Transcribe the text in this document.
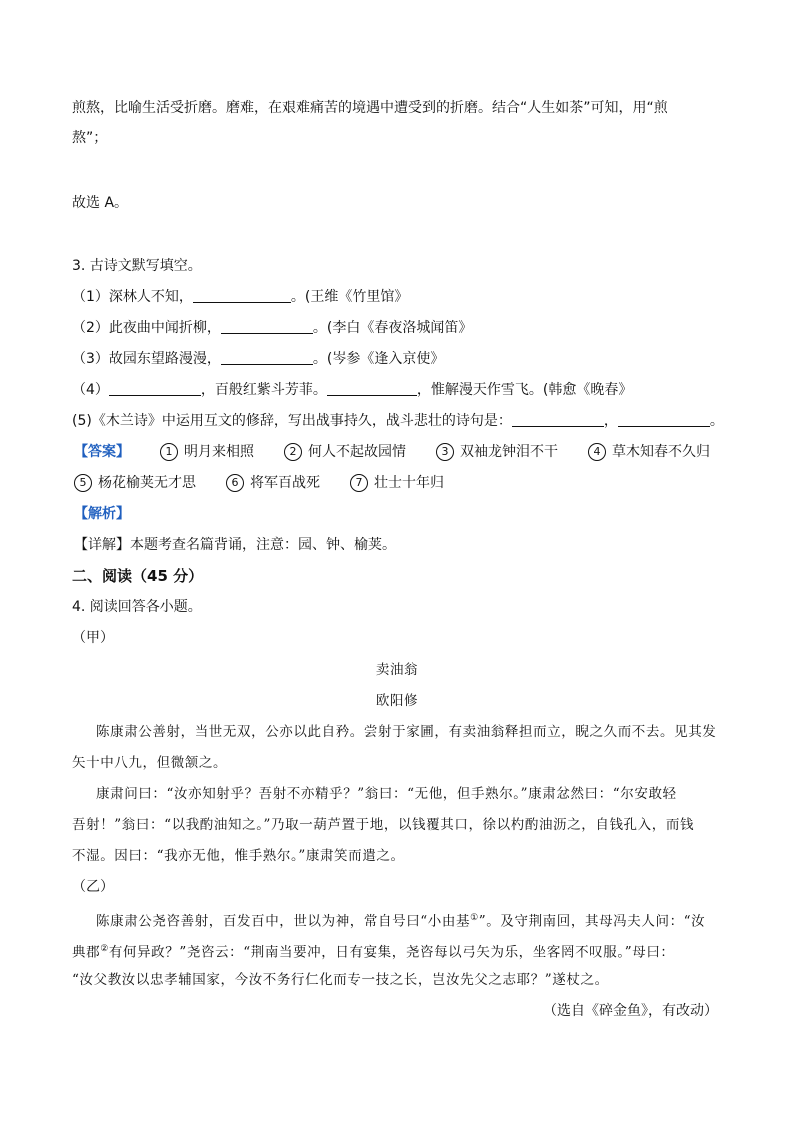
煎熬，比喻生活受折磨。磨难，在艰难痛苦的境遇中遭受到的折磨。结合“人生如茶”可知，用“煎
熬”；
故选 A。
3. 古诗文默写填空。
（1）深林人不知，	。(王维《竹里馆》
（2）此夜曲中闻折柳，	。(李白《春夜洛城闻笛》
（3）故园东望路漫漫，	。(岑参《逢入京使》
（4）	，百般红紫斗芳菲。	，惟解漫天作雪飞。(韩愈《晚春》
(5)《木兰诗》中运用互文的修辞，写出战事持久，战斗悲壮的诗句是：	，	。
【答案】	1 明月来相照	2 何人不起故园情	3 双袖龙钟泪不干	4 草木知春不久归
5 杨花榆荚无才思	6 将军百战死	7 壮士十年归
【解析】
【详解】本题考查名篇背诵，注意：园、钟、榆荚。
二、阅读（45 分）
4. 阅读回答各小题。
（甲）
卖油翁
欧阳修
陈康肃公善射，当世无双，公亦以此自矜。尝射于家圃，有卖油翁释担而立，睨之久而不去。见其发
矢十中八九，但微颔之。
康肃问曰：“汝亦知射乎？吾射不亦精乎？”翁曰：“无他，但手熟尔。”康肃忿然曰：“尔安敢轻
吾射！”翁曰：“以我酌油知之。”乃取一葫芦置于地，以钱覆其口，徐以杓酌油沥之，自钱孔入，而钱
不湿。因曰：“我亦无他，惟手熟尔。”康肃笑而遣之。
（乙）
陈康肃公尧咨善射，百发百中，世以为神，常自号曰“小由基①”。及守荆南回，其母冯夫人问：“汝
典郡②有何异政？”尧咨云：“荆南当要冲，日有宴集，尧咨每以弓矢为乐，坐客罔不叹服。”母曰：
“汝父教汝以忠孝辅国家，今汝不务行仁化而专一技之长，岂汝先父之志耶？”遂杖之。
（选自《碎金鱼》，有改动）
